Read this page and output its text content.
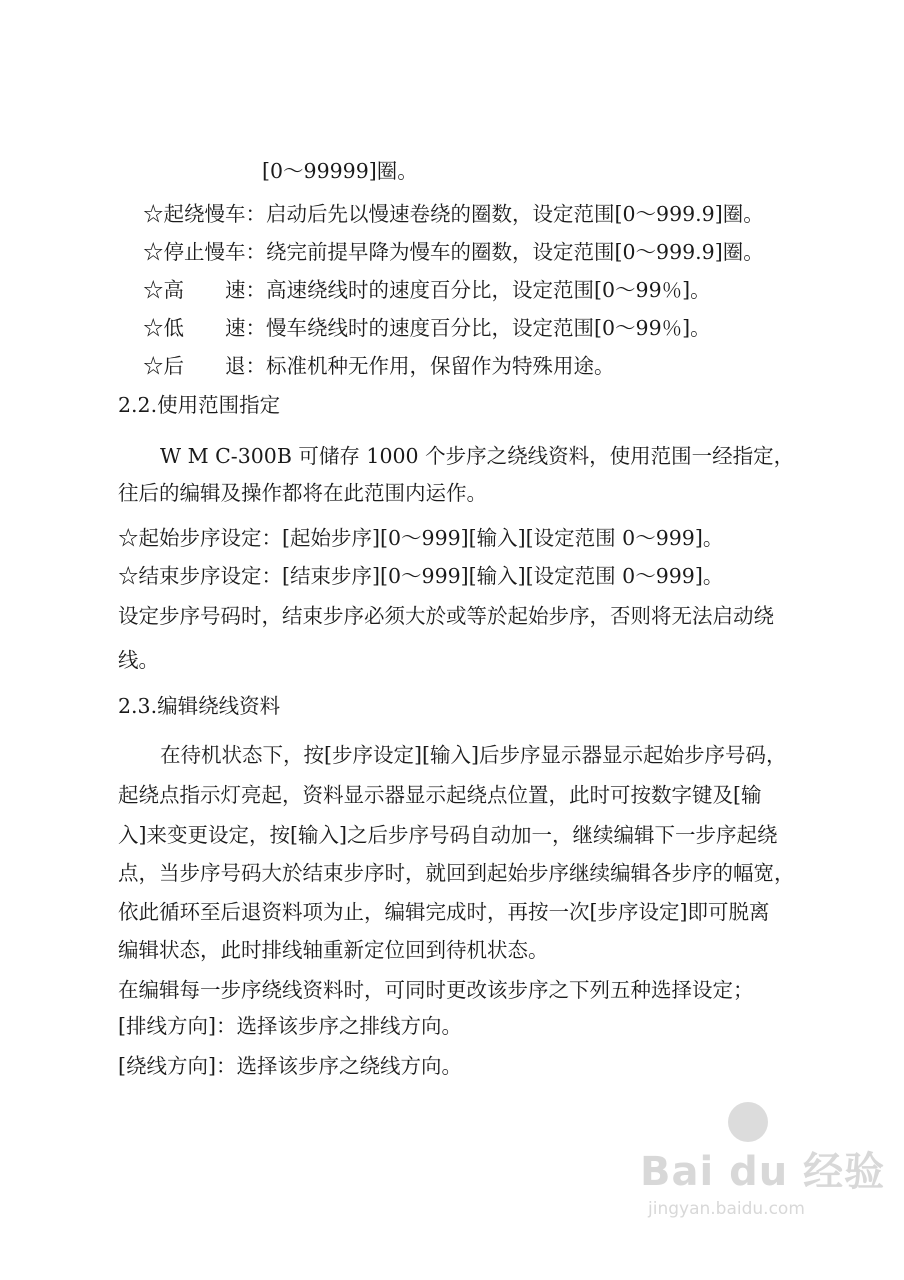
[0～99999]圈。
☆起绕慢车：启动后先以慢速卷绕的圈数，设定范围[0～999.9]圈。
☆停止慢车：绕完前提早降为慢车的圈数，设定范围[0～999.9]圈。
☆高　　速：高速绕线时的速度百分比，设定范围[0～99％]。
☆低　　速：慢车绕线时的速度百分比，设定范围[0～99％]。
☆后　　退：标准机种无作用，保留作为特殊用途。
2.2.使用范围指定
W M C-300B 可储存 1000 个步序之绕线资料，使用范围一经指定，
往后的编辑及操作都将在此范围内运作。
☆起始步序设定：[起始步序][0～999][输入][设定范围 0～999]。
☆结束步序设定：[结束步序][0～999][输入][设定范围 0～999]。
设定步序号码时，结束步序必须大於或等於起始步序，否则将无法启动绕
线。
2.3.编辑绕线资料
在待机状态下，按[步序设定][输入]后步序显示器显示起始步序号码，
起绕点指示灯亮起，资料显示器显示起绕点位置，此时可按数字键及[输
入]来变更设定，按[输入]之后步序号码自动加一，继续编辑下一步序起绕
点，当步序号码大於结束步序时，就回到起始步序继续编辑各步序的幅宽，
依此循环至后退资料项为止，编辑完成时，再按一次[步序设定]即可脱离
编辑状态，此时排线轴重新定位回到待机状态。
在编辑每一步序绕线资料时，可同时更改该步序之下列五种选择设定；
[排线方向]：选择该步序之排线方向。
[绕线方向]：选择该步序之绕线方向。
Bai du 经验
jingyan.baidu.com
